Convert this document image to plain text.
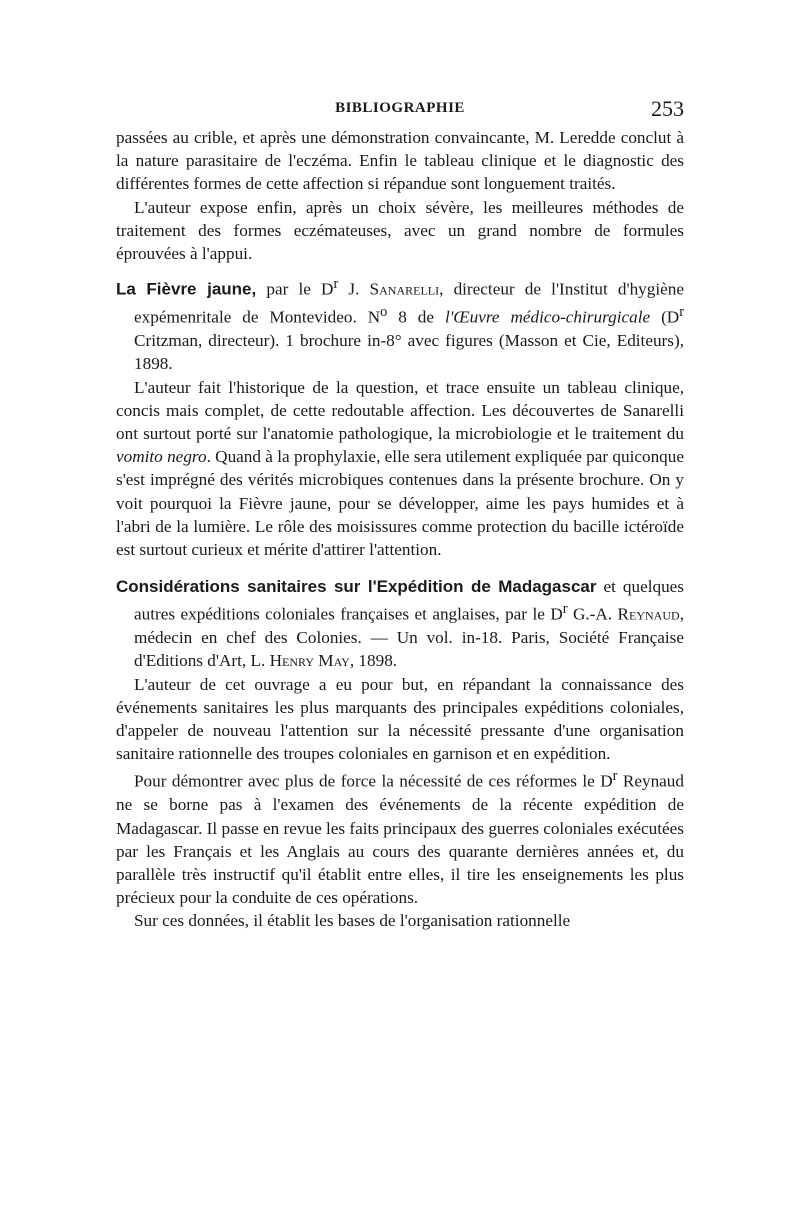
BIBLIOGRAPHIE	253

passées au crible, et après une démonstration convaincante, M. Leredde conclut à la nature parasitaire de l'eczéma. Enfin le tableau clinique et le diagnostic des différentes formes de cette affection si répandue sont longuement traités.

L'auteur expose enfin, après un choix sévère, les meilleures méthodes de traitement des formes eczémateuses, avec un grand nombre de formules éprouvées à l'appui.

La Fièvre jaune, par le $D^r$ J. Sanarelli, directeur de l'Institut d'hygiène expémenritale de Montevideo. $N^o$ 8 de l'Œuvre médico-chirurgicale ($D^r$ Critzman, directeur). 1 brochure in-8° avec figures (Masson et Cie, Editeurs), 1898.

L'auteur fait l'historique de la question, et trace ensuite un tableau clinique, concis mais complet, de cette redoutable affection. Les découvertes de Sanarelli ont surtout porté sur l'anatomie pathologique, la microbiologie et le traitement du vomito negro. Quand à la prophylaxie, elle sera utilement expliquée par quiconque s'est imprégné des vérités microbiques contenues dans la présente brochure. On y voit pourquoi la Fièvre jaune, pour se développer, aime les pays humides et à l'abri de la lumière. Le rôle des moisissures comme protection du bacille ictéroïde est surtout curieux et mérite d'attirer l'attention.

Considérations sanitaires sur l'Expédition de Madagascar et quelques autres expéditions coloniales françaises et anglaises, par le $D^r$ G.-A. Reynaud, médecin en chef des Colonies. — Un vol. in-18. Paris, Société Française d'Editions d'Art, L. Henry May, 1898.

L'auteur de cet ouvrage a eu pour but, en répandant la connaissance des événements sanitaires les plus marquants des principales expéditions coloniales, d'appeler de nouveau l'attention sur la nécessité pressante d'une organisation sanitaire rationnelle des troupes coloniales en garnison et en expédition.

Pour démontrer avec plus de force la nécessité de ces réformes le $D^r$ Reynaud ne se borne pas à l'examen des événements de la récente expédition de Madagascar. Il passe en revue les faits principaux des guerres coloniales exécutées par les Français et les Anglais au cours des quarante dernières années et, du parallèle très instructif qu'il établit entre elles, il tire les enseignements les plus précieux pour la conduite de ces opérations.

Sur ces données, il établit les bases de l'organisation rationnelle
